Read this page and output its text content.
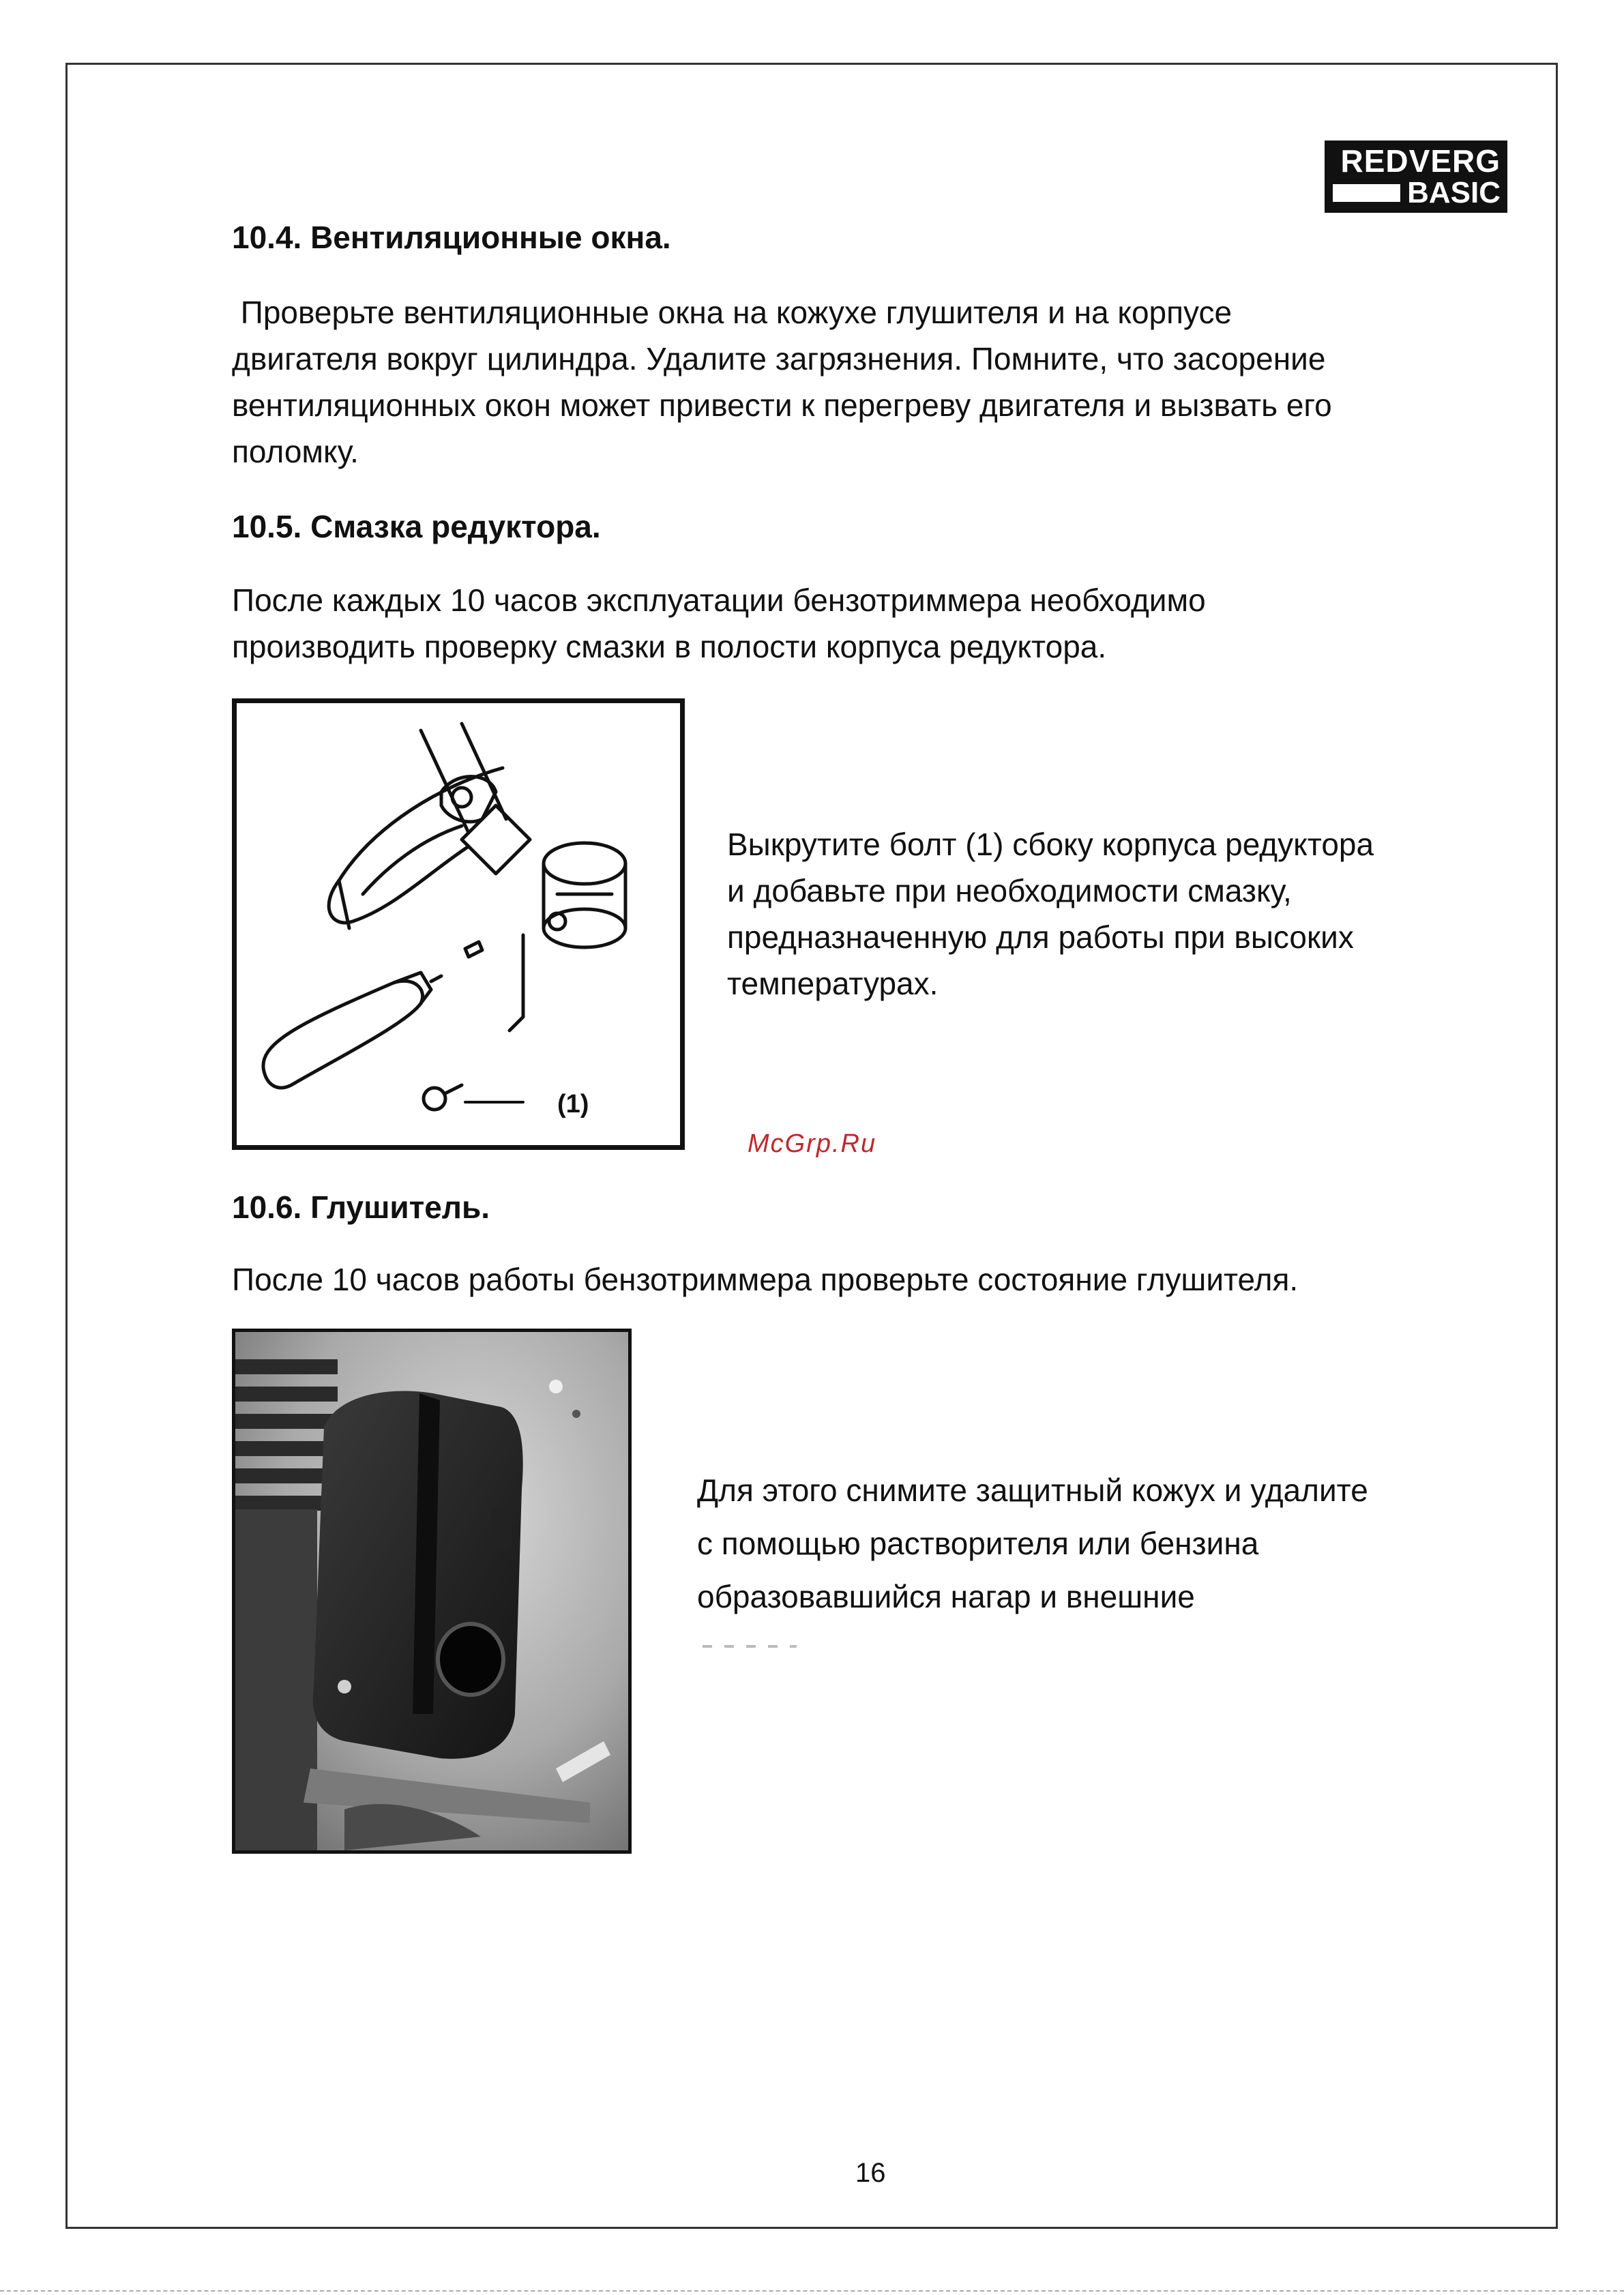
REDVERG
BASIC
10.4. Вентиляционные окна.

Проверьте вентиляционные окна на кожухе глушителя и на корпусе

двигателя вокруг цилиндра. Удалите загрязнения. Помните, что засорение

вентиляционных окон может привести к перегреву двигателя и вызвать его

поломку.

10.5. Смазка редуктора.

После каждых 10 часов эксплуатации бензотриммера необходимо

производить проверку смазки в полости корпуса редуктора.

(1)

Выкрутите болт (1) сбоку корпуса редуктора

и добавьте при необходимости смазку,

предназначенную для работы при высоких

температурах.

McGrp.Ru
10.6. Глушитель.

После 10 часов работы бензотриммера проверьте состояние глушителя.

Для этого снимите защитный кожух и удалите

с помощью растворителя или бензина

образовавшийся нагар и внешние

16
